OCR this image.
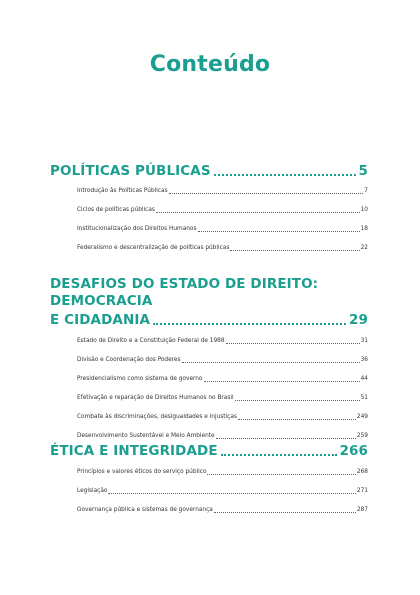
Conteúdo
POLÍTICAS PÚBLICAS	5
Introdução às Políticas Públicas	7
Ciclos de políticas públicas	10
Institucionalização dos Direitos Humanos	18
Federalismo e descentralização de políticas públicas	22
DESAFIOS DO ESTADO DE DIREITO: DEMOCRACIA
E CIDADANIA	29
Estado de Direito e a Constituição Federal de 1988	31
Divisão e Coordenação dos Poderes	36
Presidencialismo como sistema de governo	44
Efetivação e reparação de Direitos Humanos no Brasil	51
Combate às discriminações, desigualdades e injustiças	249
Desenvolvimento Sustentável e Meio Ambiente	259
ÉTICA E INTEGRIDADE	266
Princípios e valores éticos do serviço público	268
Legislação	271
Governança pública e sistemas de governança	287
